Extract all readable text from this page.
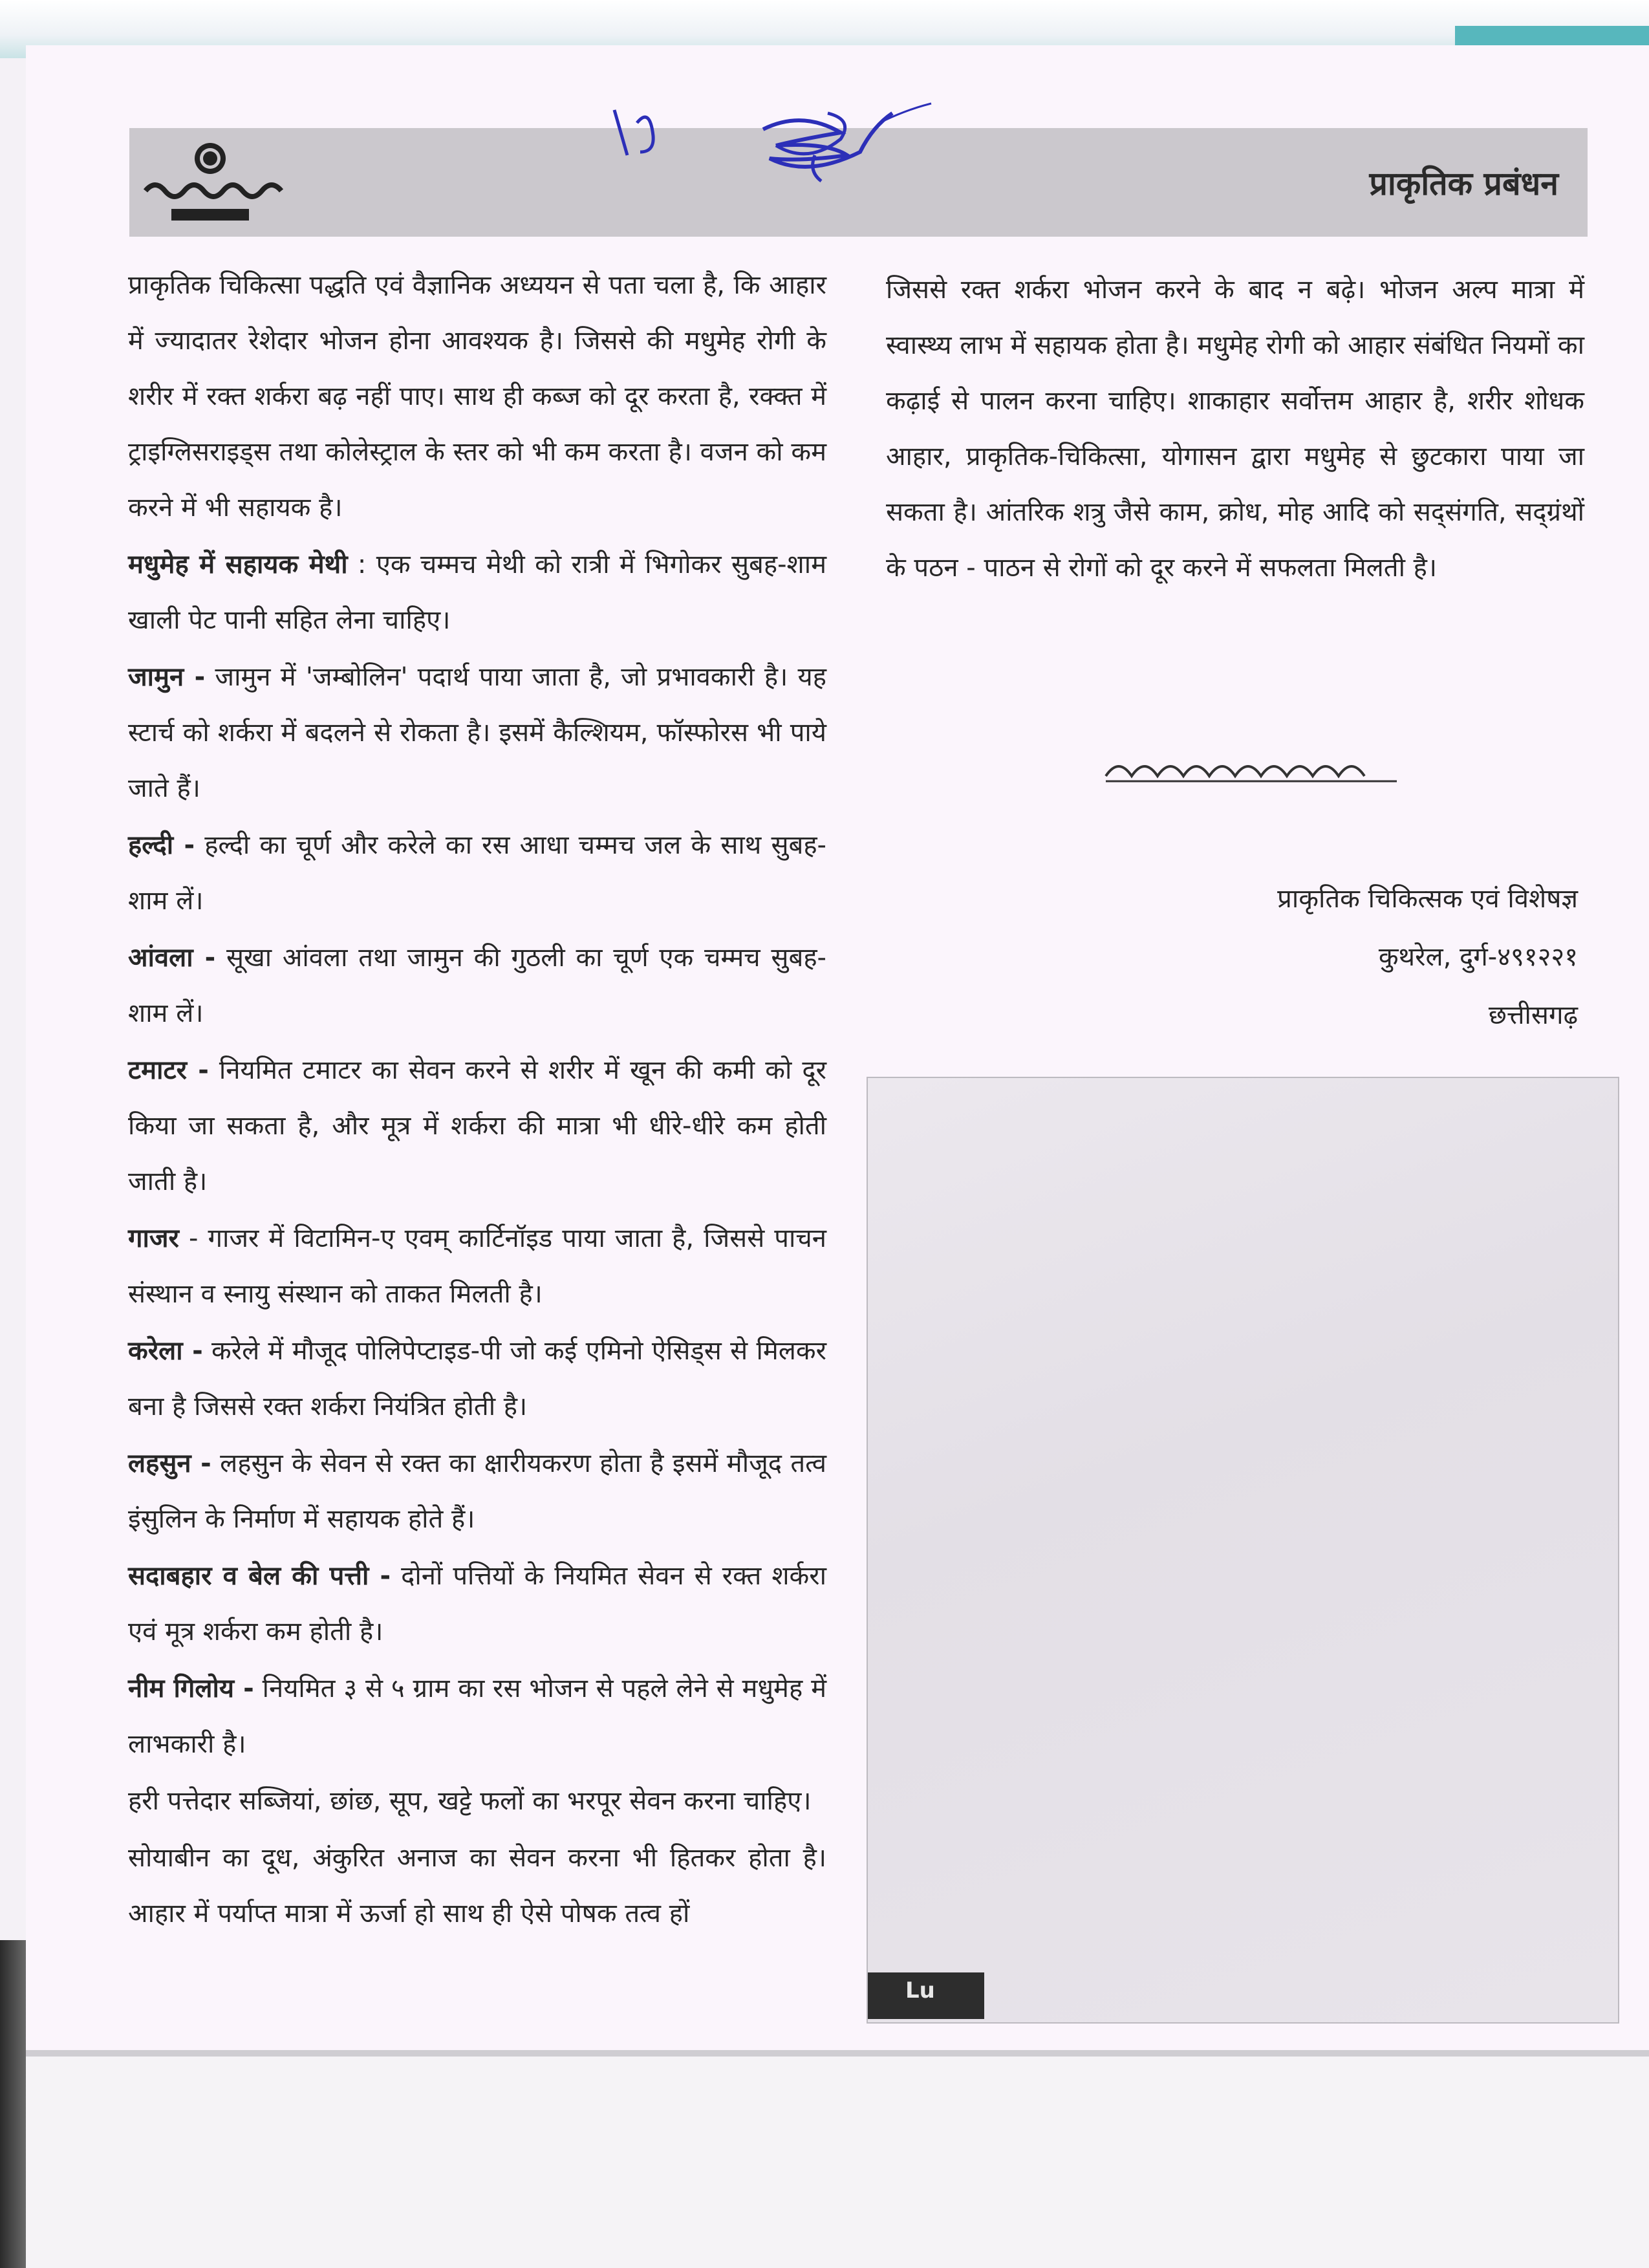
प्राकृतिक प्रबंधन
16

प्राकृतिक चिकित्सा पद्धति एवं वैज्ञानिक अध्ययन से पता चला है, कि आहार में ज्यादातर रेशेदार भोजन होना आवश्यक है। जिससे की मधुमेह रोगी के शरीर में रक्त शर्करा बढ़ नहीं पाए। साथ ही कब्ज को दूर करता है, रक्क्त में ट्राइग्लिसराइड्स तथा कोलेस्ट्राल के स्तर को भी कम करता है। वजन को कम करने में भी सहायक है।

मधुमेह में सहायक मेथी : एक चम्मच मेथी को रात्री में भिगोकर सुबह-शाम खाली पेट पानी सहित लेना चाहिए।

जामुन - जामुन में 'जम्बोलिन' पदार्थ पाया जाता है, जो प्रभावकारी है। यह स्टार्च को शर्करा में बदलने से रोकता है। इसमें कैल्शियम, फॉस्फोरस भी पाये जाते हैं।

हल्दी - हल्दी का चूर्ण और करेले का रस आधा चम्मच जल के साथ सुबह-शाम लें।

आंवला - सूखा आंवला तथा जामुन की गुठली का चूर्ण एक चम्मच सुबह-शाम लें।

टमाटर - नियमित टमाटर का सेवन करने से शरीर में खून की कमी को दूर किया जा सकता है, और मूत्र में शर्करा की मात्रा भी धीरे-धीरे कम होती जाती है।

गाजर - गाजर में विटामिन-ए एवम् कार्टिनॉइड पाया जाता है, जिससे पाचन संस्थान व स्नायु संस्थान को ताकत मिलती है।

करेला - करेले में मौजूद पोलिपेप्टाइड-पी जो कई एमिनो ऐसिड्स से मिलकर बना है जिससे रक्त शर्करा नियंत्रित होती है।

लहसुन - लहसुन के सेवन से रक्त का क्षारीयकरण होता है इसमें मौजूद तत्व इंसुलिन के निर्माण में सहायक होते हैं।

सदाबहार व बेल की पत्ती - दोनों पत्तियों के नियमित सेवन से रक्त शर्करा एवं मूत्र शर्करा कम होती है।

नीम गिलोय - नियमित ३ से ५ ग्राम का रस भोजन से पहले लेने से मधुमेह में लाभकारी है।

हरी पत्तेदार सब्जियां, छांछ, सूप, खट्टे फलों का भरपूर सेवन करना चाहिए।

सोयाबीन का दूध, अंकुरित अनाज का सेवन करना भी हितकर होता है। आहार में पर्याप्त मात्रा में ऊर्जा हो साथ ही ऐसे पोषक तत्व हों

जिससे रक्त शर्करा भोजन करने के बाद न बढ़े। भोजन अल्प मात्रा में स्वास्थ्य लाभ में सहायक होता है। मधुमेह रोगी को आहार संबंधित नियमों का कढ़ाई से पालन करना चाहिए। शाकाहार सर्वोत्तम आहार है, शरीर शोधक आहार, प्राकृतिक-चिकित्सा, योगासन द्वारा मधुमेह से छुटकारा पाया जा सकता है। आंतरिक शत्रु जैसे काम, क्रोध, मोह आदि को सद्संगति, सद्ग्रंथों के पठन - पाठन से रोगों को दूर करने में सफलता मिलती है।

प्राकृतिक चिकित्सक एवं विशेषज्ञ
कुथरेल, दुर्ग-४९१२२१
छत्तीसगढ़
Lu
